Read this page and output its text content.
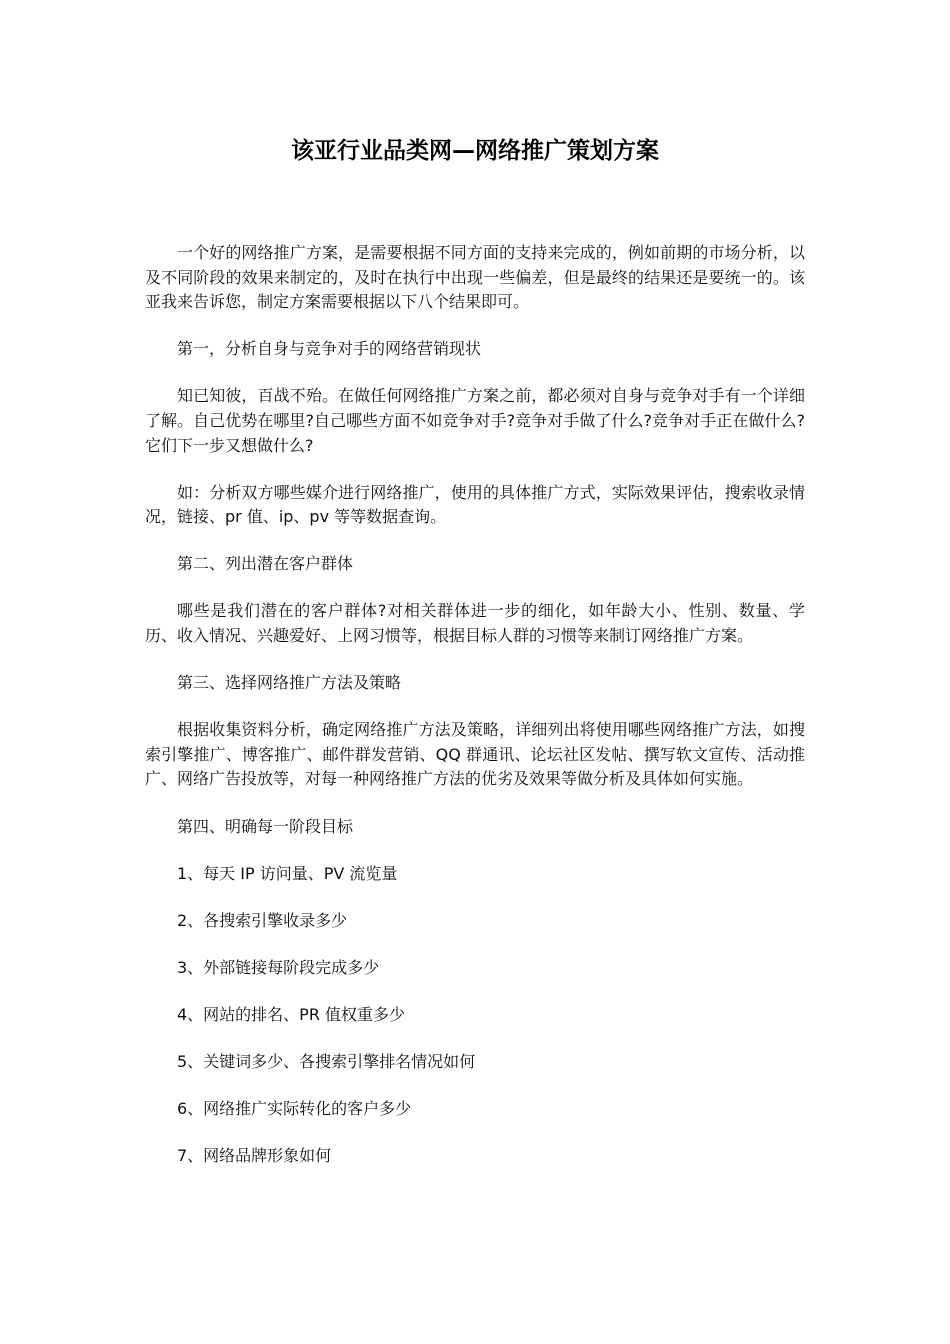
该亚行业品类网—网络推广策划方案

一个好的网络推广方案，是需要根据不同方面的支持来完成的，例如前期的市场分析，以及不同阶段的效果来制定的，及时在执行中出现一些偏差，但是最终的结果还是要统一的。该亚我来告诉您，制定方案需要根据以下八个结果即可。

第一，分析自身与竞争对手的网络营销现状

知已知彼，百战不殆。在做任何网络推广方案之前，都必须对自身与竞争对手有一个详细了解。自己优势在哪里?自己哪些方面不如竞争对手?竞争对手做了什么?竞争对手正在做什么?它们下一步又想做什么?

如：分析双方哪些媒介进行网络推广，使用的具体推广方式，实际效果评估，搜索收录情况，链接、pr 值、ip、pv 等等数据查询。

第二、列出潜在客户群体

哪些是我们潜在的客户群体?对相关群体进一步的细化，如年龄大小、性别、数量、学历、收入情况、兴趣爱好、上网习惯等，根据目标人群的习惯等来制订网络推广方案。

第三、选择网络推广方法及策略

根据收集资料分析，确定网络推广方法及策略，详细列出将使用哪些网络推广方法，如搜索引擎推广、博客推广、邮件群发营销、QQ 群通讯、论坛社区发帖、撰写软文宣传、活动推广、网络广告投放等，对每一种网络推广方法的优劣及效果等做分析及具体如何实施。

第四、明确每一阶段目标

1、每天 IP 访问量、PV 流览量

2、各搜索引擎收录多少

3、外部链接每阶段完成多少

4、网站的排名、PR 值权重多少

5、关键词多少、各搜索引擎排名情况如何

6、网络推广实际转化的客户多少

7、网络品牌形象如何
